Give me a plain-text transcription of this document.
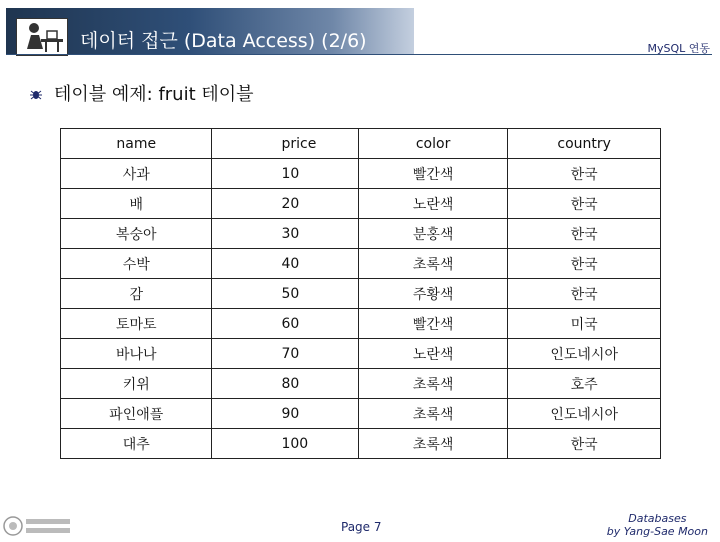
데이터 접근 (Data Access) (2/6)	MySQL 연동
테이블 예제: fruit 테이블
name	price	color	country
사과	10	빨간색	한국
배	20	노란색	한국
복숭아	30	분홍색	한국
수박	40	초록색	한국
감	50	주황색	한국
토마토	60	빨간색	미국
바나나	70	노란색	인도네시아
키위	80	초록색	호주
파인애플	90	초록색	인도네시아
대추	100	초록색	한국
Page 7
Databases
by Yang-Sae Moon
